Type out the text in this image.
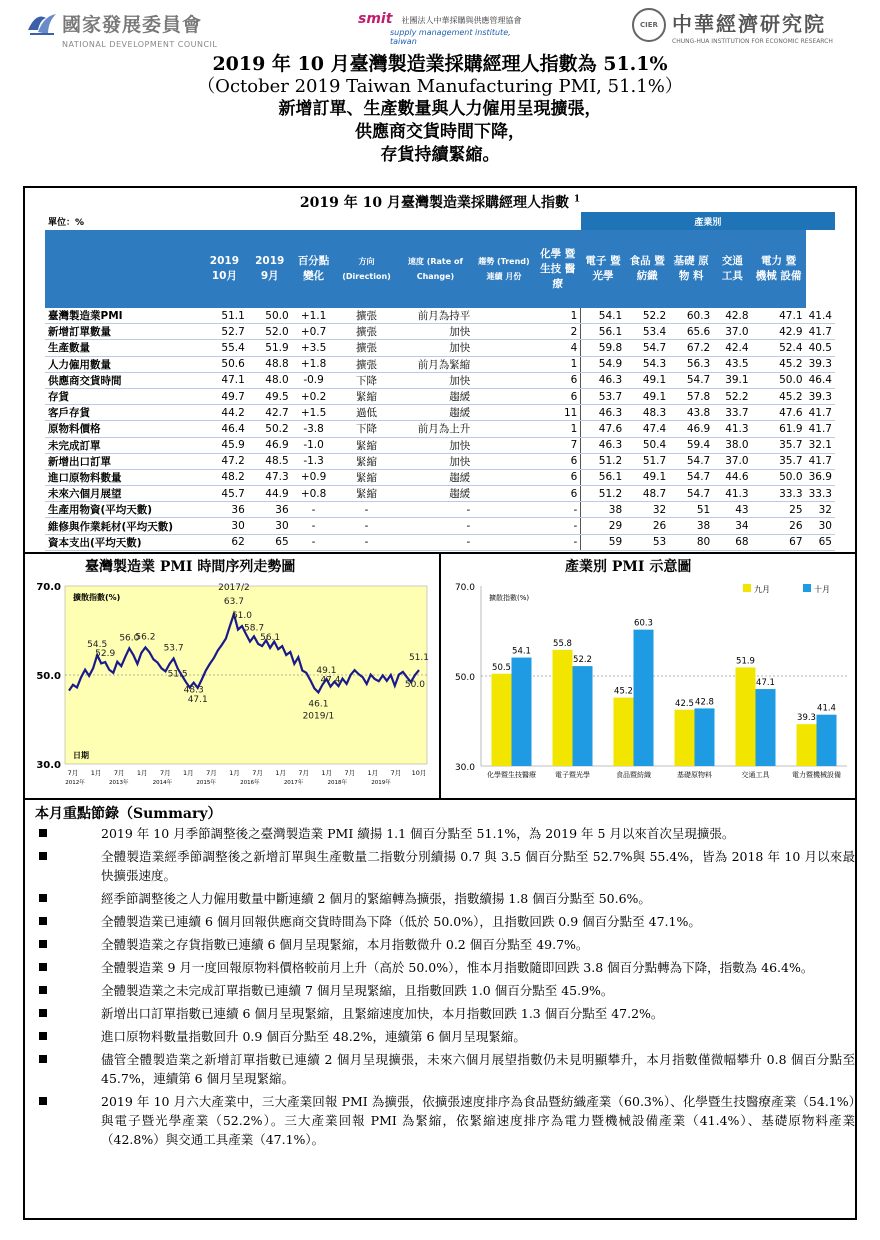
國家發展委員會
NATIONAL DEVELOPMENT COUNCIL
smit 社團法人中華採購與供應管理協會
supply management institute, taiwan
CIER 中華經濟研究院
CHUNG-HUA INSTITUTION FOR ECONOMIC RESEARCH
2019 年 10 月臺灣製造業採購經理人指數為 51.1%
（October 2019 Taiwan Manufacturing PMI, 51.1%）
新增訂單、生產數量與人力僱用呈現擴張，
供應商交貨時間下降，
存貨持續緊縮。
2019 年 10 月臺灣製造業採購經理人指數 $^1$
單位：%								產業別					
	2019 10月	2019 9月	百分點 變化	方向 (Direction)	速度 (Rate of Change)	趨勢 (Trend) 連續 月份	化學 暨 生技 醫療	電子 暨 光學	食品 暨 紡織	基礎 原物 料	交通 工具	電力 暨 機械 設備	
臺灣製造業PMI	51.1	50.0	+1.1	擴張	前月為持平	1		54.1	52.2	60.3	42.8	47.1	41.4
新增訂單數量	52.7	52.0	+0.7	擴張	加快	2		56.1	53.4	65.6	37.0	42.9	41.7
生產數量	55.4	51.9	+3.5	擴張	加快	4		59.8	54.7	67.2	42.4	52.4	40.5
人力僱用數量	50.6	48.8	+1.8	擴張	前月為緊縮	1		54.9	54.3	56.3	43.5	45.2	39.3
供應商交貨時間	47.1	48.0	-0.9	下降	加快	6		46.3	49.1	54.7	39.1	50.0	46.4
存貨	49.7	49.5	+0.2	緊縮	趨緩	6		53.7	49.1	57.8	52.2	45.2	39.3
客戶存貨	44.2	42.7	+1.5	過低	趨緩	11		46.3	48.3	43.8	33.7	47.6	41.7
原物料價格	46.4	50.2	-3.8	下降	前月為上升	1		47.6	47.4	46.9	41.3	61.9	41.7
未完成訂單	45.9	46.9	-1.0	緊縮	加快	7		46.3	50.4	59.4	38.0	35.7	32.1
新增出口訂單	47.2	48.5	-1.3	緊縮	加快	6		51.2	51.7	54.7	37.0	35.7	41.7
進口原物料數量	48.2	47.3	+0.9	緊縮	趨緩	6		56.1	49.1	54.7	44.6	50.0	36.9
未來六個月展望	45.7	44.9	+0.8	緊縮	趨緩	6		51.2	48.7	54.7	41.3	33.3	33.3
生產用物資(平均天數)	36	36	-	-	-	-		38	32	51	43	25	32
維修與作業耗材(平均天數)	30	30	-	-	-	-		29	26	38	34	26	30
資本支出(平均天數)	62	65	-	-	-	-		59	53	80	68	67	65
臺灣製造業 PMI 時間序列走勢圖	產業別 PMI 示意圖
30.0
50.0
70.0
擴散指數(%)
日期
54.5
52.9
56.0
56.2
53.7
51.5
48.3
47.1
2017/2
63.7
61.0
58.7
56.1
46.1
2019/1
49.1
47.4
51.1
50.0
7月 1月 7月 1月 7月 1月 7月 1月 7月 1月 7月 1月 7月 1月 7月 10月
2012年	2013年	2014年	2015年	2016年	2017年	2018年	2019年
30.0
50.0
70.0
擴散指數(%)
九月	十月
50.5
54.1
化學暨生技醫療
55.8
52.2
電子暨光學
45.2
60.3
食品暨紡織
42.5 42.8
基礎原物料
51.9
47.1
交通工具
39.3
41.4
電力暨機械設備
本月重點節錄（Summary）
2019 年 10 月季節調整後之臺灣製造業 PMI 續揚 1.1 個百分點至 51.1%，為 2019 年 5 月以來首次呈現擴張。
全體製造業經季節調整後之新增訂單與生產數量二指數分別續揚 0.7 與 3.5 個百分點至 52.7%與 55.4%，皆為 2018 年 10 月以來最快擴張速度。
經季節調整後之人力僱用數量中斷連續 2 個月的緊縮轉為擴張，指數續揚 1.8 個百分點至 50.6%。
全體製造業已連續 6 個月回報供應商交貨時間為下降（低於 50.0%），且指數回跌 0.9 個百分點至 47.1%。
全體製造業之存貨指數已連續 6 個月呈現緊縮，本月指數微升 0.2 個百分點至 49.7%。
全體製造業 9 月一度回報原物料價格較前月上升（高於 50.0%），惟本月指數隨即回跌 3.8 個百分點轉為下降，指數為 46.4%。
全體製造業之未完成訂單指數已連續 7 個月呈現緊縮，且指數回跌 1.0 個百分點至 45.9%。
新增出口訂單指數已連續 6 個月呈現緊縮，且緊縮速度加快，本月指數回跌 1.3 個百分點至 47.2%。
進口原物料數量指數回升 0.9 個百分點至 48.2%，連續第 6 個月呈現緊縮。
儘管全體製造業之新增訂單指數已連續 2 個月呈現擴張，未來六個月展望指數仍未見明顯攀升，本月指數僅微幅攀升 0.8 個百分點至 45.7%，連續第 6 個月呈現緊縮。
2019 年 10 月六大產業中，三大產業回報 PMI 為擴張，依擴張速度排序為食品暨紡織產業（60.3%）、化學暨生技醫療產業（54.1%）與電子暨光學產業（52.2%）。三大產業回報 PMI 為緊縮，依緊縮速度排序為電力暨機械設備產業（41.4%）、基礎原物料產業（42.8%）與交通工具產業（47.1%）。
